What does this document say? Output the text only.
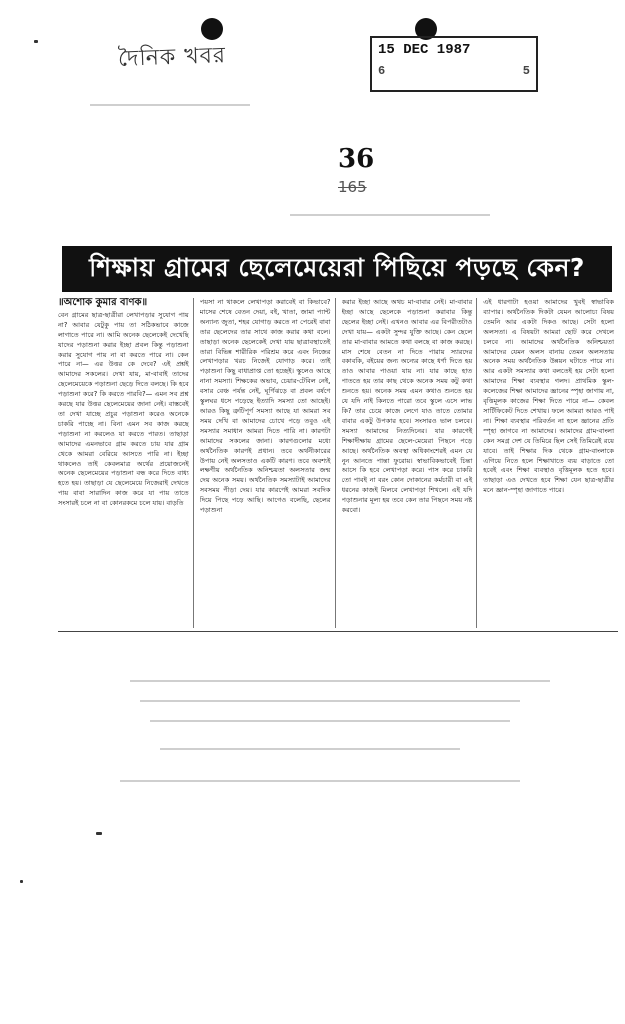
দৈনিক খবর	15 DEC 1987
6	5
36
165
শিক্ষায় গ্রামের ছেলেমেয়েরা পিছিয়ে পড়ছে কেন?
॥অশোক কুমার বণিক॥
বেন গ্রামের ছাত্র-ছাত্রীরা লেখাপড়ার সুযোগ পায় না? আবার যেটুকু পায় তা সঠিকভাবে কাজে লাগাতে পারে না। আমি অনেক ছেলেকেই দেখেছি যাদের পড়াশুনা করার ইচ্ছা প্রবল কিন্তু পড়াশুনা করার সুযোগ পায় না বা করতে পারে না। কেন পারে না— এর উত্তর কে দেবে? এই প্রশ্নই আমাদের সকলের। দেখা যায়, মা-বাবাই তাদের ছেলেমেয়েকে পড়াশুনা ছেড়ে দিতে বলছে। কি হবে পড়াশুনা করে? কি করতে পারবি?— এমন সব প্রশ্ন করছে যার উত্তর ছেলেমেয়ের জানা নেই। বাস্তবেই তা দেখা যাচ্ছে প্রচুর পড়াশুনা করেও অনেকে চাকরি পাচ্ছে না। বিনা এমন সব কাজ করছে পড়াশুনা না করলেও যা করতে পারত। তাছাড়া আমাদের এমনভাবে গ্রাম করতে চায় যার গ্রাম থেকে আমরা বেরিয়ে আসতে পারি না। ইচ্ছা থাকলেও তাই কেবলমাত্র অর্থের প্রয়োজনেই অনেক ছেলেমেয়ের পড়াশুনা বন্ধ করে দিতে বাধ্য হতে হয়। তাছাড়া যে ছেলেমেয়ে নিজেরাই দেখতে পায় বাবা সারাদিন কাজ করে যা পায় তাতে সংসারই চলে না বা কোনরকমে চলে যায়। বাড়তি
পয়সা না থাকলে লেখাপড়া করাবেই বা কিভাবে? মাসের শেষে বেতন দেয়া, বই, খাতা, জামা প্যান্ট অন্যান্য জুতা, শহর যোগাড় করতে না পেরেই বাবা তার ছেলেদের তার সাথে কাজ করার কথা বলে। তাছাড়া অনেক ছেলেকেই দেখা যায় ছাত্রাবস্থাতেই তারা বিভিন্ন শারীরিক পরিশ্রম করে এবং নিজের লেখাপড়ার খরচ নিজেই যোগাড় করে। তাই পড়াশুনা কিছু বাধাপ্রাপ্ত তো হচ্ছেই। স্কুলেও আছে নানা সমস্যা। শিক্ষকের অভাব, চেয়ার-টেবিল নেই, বসার বেঞ্চ পর্যন্ত নেই, ঘূর্ণিঝড়ে বা প্রবল বর্ষণে স্কুলঘর ধসে পড়েছে ইত্যাদি সমস্যা তো আছেই। আরও কিছু ত্রুটিপূর্ণ সমস্যা আছে যা আমরা সব সময় দেখি বা আমাদের চোখে পড়ে তবুও এই সমস্যার সমাধান আমরা দিতে পারি না। কারণটা আমাদের সকলের জানা। কারণগুলোর মধ্যে অর্থনৈতিক কারণই প্রধান। তবে অর্থনীকারের উপায় নেই অলসতাও একটি কারণ। তবে অবশ্যই লক্ষণীয় অর্থনৈতিক অনিশ্চয়তা অলসতার জন্ম দেয় অনেক সময়। অর্থনৈতিক সমস্যাটাই আমাদের সবসময় পীড়া দেয়। যার কারণেই আমরা সবদিক দিয়ে পিছে পড়ে আছি। আগেও বলেছি, ছেলের পড়াশুনা
করার ইচ্ছা আছে অথচ মা-বাবার নেই। মা-বাবার ইচ্ছা আছে ছেলেকে পড়াশুনা করাবার কিন্তু ছেলের ইচ্ছা নেই। এখনও আবার এর বিপরীতটাও দেখা যায়— একটা সুন্দর যুক্তি আছে। কেন ছেলে তার মা-বাবার আমতে কথা বলছে বা কাজ করছে। মাস শেষে বেতন না দিতে পারায় স্যারদের বকাবকি, বইয়ের জন্য অন্যের কাছে ধর্ণা দিতে হয় তাও আবার পাওয়া যায় না। যার কাছে হাত পাততে হয় তার কাছ থেকে অনেক সময় কটু কথা শুনতে হয়। অনেক সময় এমন কথাও শুনতে হয় যে যদি নাই কিনতে পারো তবে স্কুলে এসে লাভ কি? তার চেয়ে কাজে লেগে যাও তাতে তোমার বাবার একটু উপকার হবে। সংসারও ভাল চলবে। সমস্যা আমাদের নিত্যদিনের। যার কারণেই শিক্ষাদীক্ষায় গ্রামের ছেলে-মেয়েরা পিছনে পড়ে আছে। অর্থনৈতিক অবস্থা অধিকাংশেরই এমন যে নুন আনতে পান্তা ফুরোয়। স্বাভাবিকভাবেই চিন্তা আসে কি হবে লেখাপড়া করে। পাস করে চাকরি তো পাবই না বরং কোন দোকানের কর্মচারী বা এই ধরনের কাজই মিলবে লেখাপড়া শিখলে। এই যদি পড়াশুনার মূল্য হয় তবে কেন তার পিছনে সময় নষ্ট করবো।
এই ধারণাটা হওয়া আমাদের খুবই স্বাভাবিক ব্যাপার। অর্থনৈতিক দিকটা যেমন আলোচ্য বিষয় তেমনি আর একটা দিকও আছে। সেটা হলো অলসতা। এ বিষয়টা আমরা ছোট করে দেখলে চলবে না। আমাদের অর্থনৈতিক অনিশ্চয়তা আমাদের যেমন অলস বানায় তেমন অলসতায় অনেক সময় অর্থনৈতিক উন্নয়ন ঘটাতে পারে না। আর একটা সমস্যার কথা বলতেই হয় সেটা হলো আমাদের শিক্ষা ব্যবস্থার গলদ। প্রাথমিক স্কুল-কলেজের শিক্ষা আমাদের জ্ঞানের স্পৃহা জাগায় না, বৃত্তিমূলক কাজের শিক্ষা দিতে পারে না— কেবল সার্টিফিকেট দিতে শেখায়। ফলে আমরা আরও পাই না। শিক্ষা ব্যবস্থার পরিবর্তন না হলে জ্ঞানের প্রতি স্পৃহা জাগবে না আমাদের। আমাদের গ্রাম-বাংলা কেন সমগ্র দেশ যে তিমিরে ছিল সেই তিমিরেই রয়ে যাবে। তাই শিক্ষার দিক থেকে গ্রাম-বাংলাকে এগিয়ে নিতে হলে শিক্ষাখাতে ব্যয় বাড়াতে তো হবেই এবং শিক্ষা ব্যবস্থাও বৃত্তিমূলক হতে হবে। তাছাড়া এও দেখতে হবে শিক্ষা যেন ছাত্র-ছাত্রীর মনে জ্ঞান-স্পৃহা জাগাতে পারে।
